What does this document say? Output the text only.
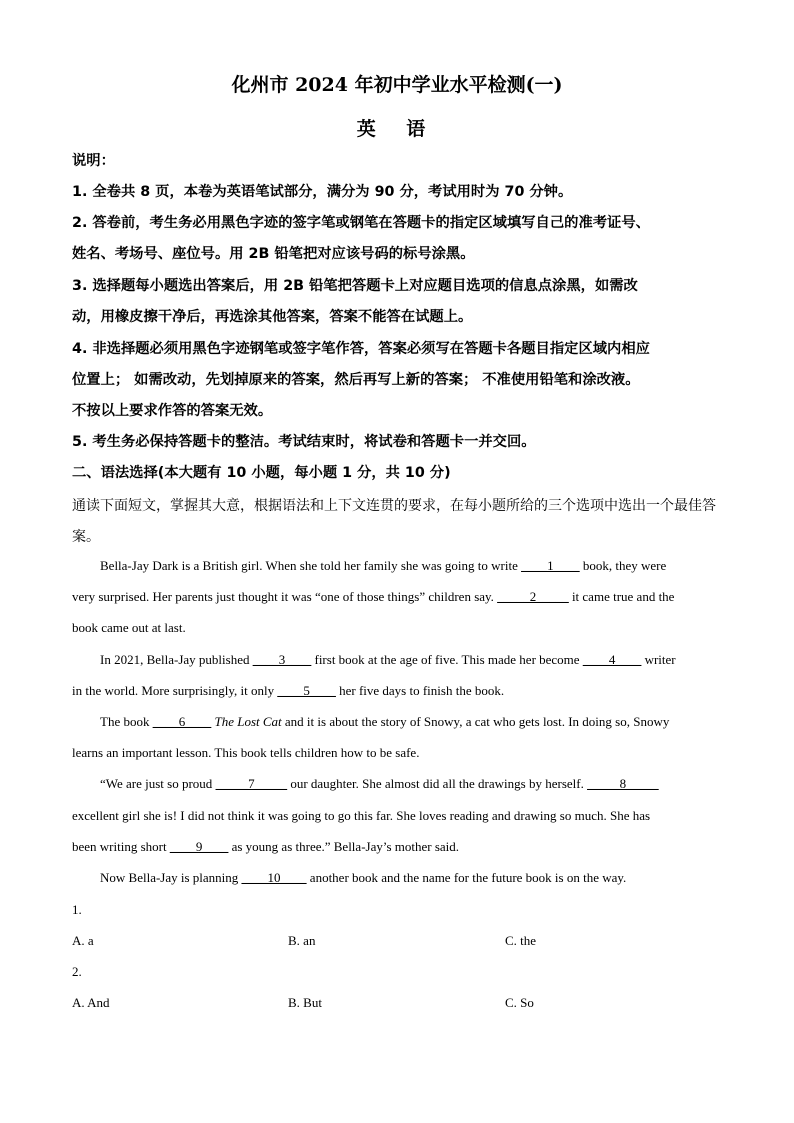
化州市 2024 年初中学业水平检测(一)
英 语
说明：
1. 全卷共 8 页，本卷为英语笔试部分，满分为 90 分，考试用时为 70 分钟。
2. 答卷前，考生务必用黑色字迹的签字笔或钢笔在答题卡的指定区域填写自己的准考证号、
姓名、考场号、座位号。用 2B 铅笔把对应该号码的标号涂黑。
3. 选择题每小题选出答案后，用 2B 铅笔把答题卡上对应题目选项的信息点涂黑，如需改
动，用橡皮擦干净后，再选涂其他答案，答案不能答在试题上。
4. 非选择题必须用黑色字迹钢笔或签字笔作答，答案必须写在答题卡各题目指定区域内相应
位置上； 如需改动，先划掉原来的答案，然后再写上新的答案； 不准使用铅笔和涂改液。
不按以上要求作答的答案无效。
5. 考生务必保持答题卡的整洁。考试结束时，将试卷和答题卡一并交回。
二、语法选择(本大题有 10 小题，每小题 1 分，共 10 分)
通读下面短文，掌握其大意，根据语法和上下文连贯的要求，在每小题所给的三个选项中选出一个最佳答
案。
Bella-Jay Dark is a British girl. When she told her family she was going to write ____1____ book, they were
very surprised. Her parents just thought it was “one of those things” children say. _____2_____ it came true and the
book came out at last.
In 2021, Bella-Jay published ____3____ first book at the age of five. This made her become ____4____ writer
in the world. More surprisingly, it only ____5____ her five days to finish the book.
The book ____6____ The Lost Cat and it is about the story of Snowy, a cat who gets lost. In doing so, Snowy
learns an important lesson. This book tells children how to be safe.
“We are just so proud _____7_____ our daughter. She almost did all the drawings by herself. _____8_____
excellent girl she is! I did not think it was going to go this far. She loves reading and drawing so much. She has
been writing short ____9____ as young as three.” Bella-Jay’s mother said.
Now Bella-Jay is planning ____10____ another book and the name for the future book is on the way.
1.
A. a	B. an	C. the
2.
A. And	B. But	C. So
